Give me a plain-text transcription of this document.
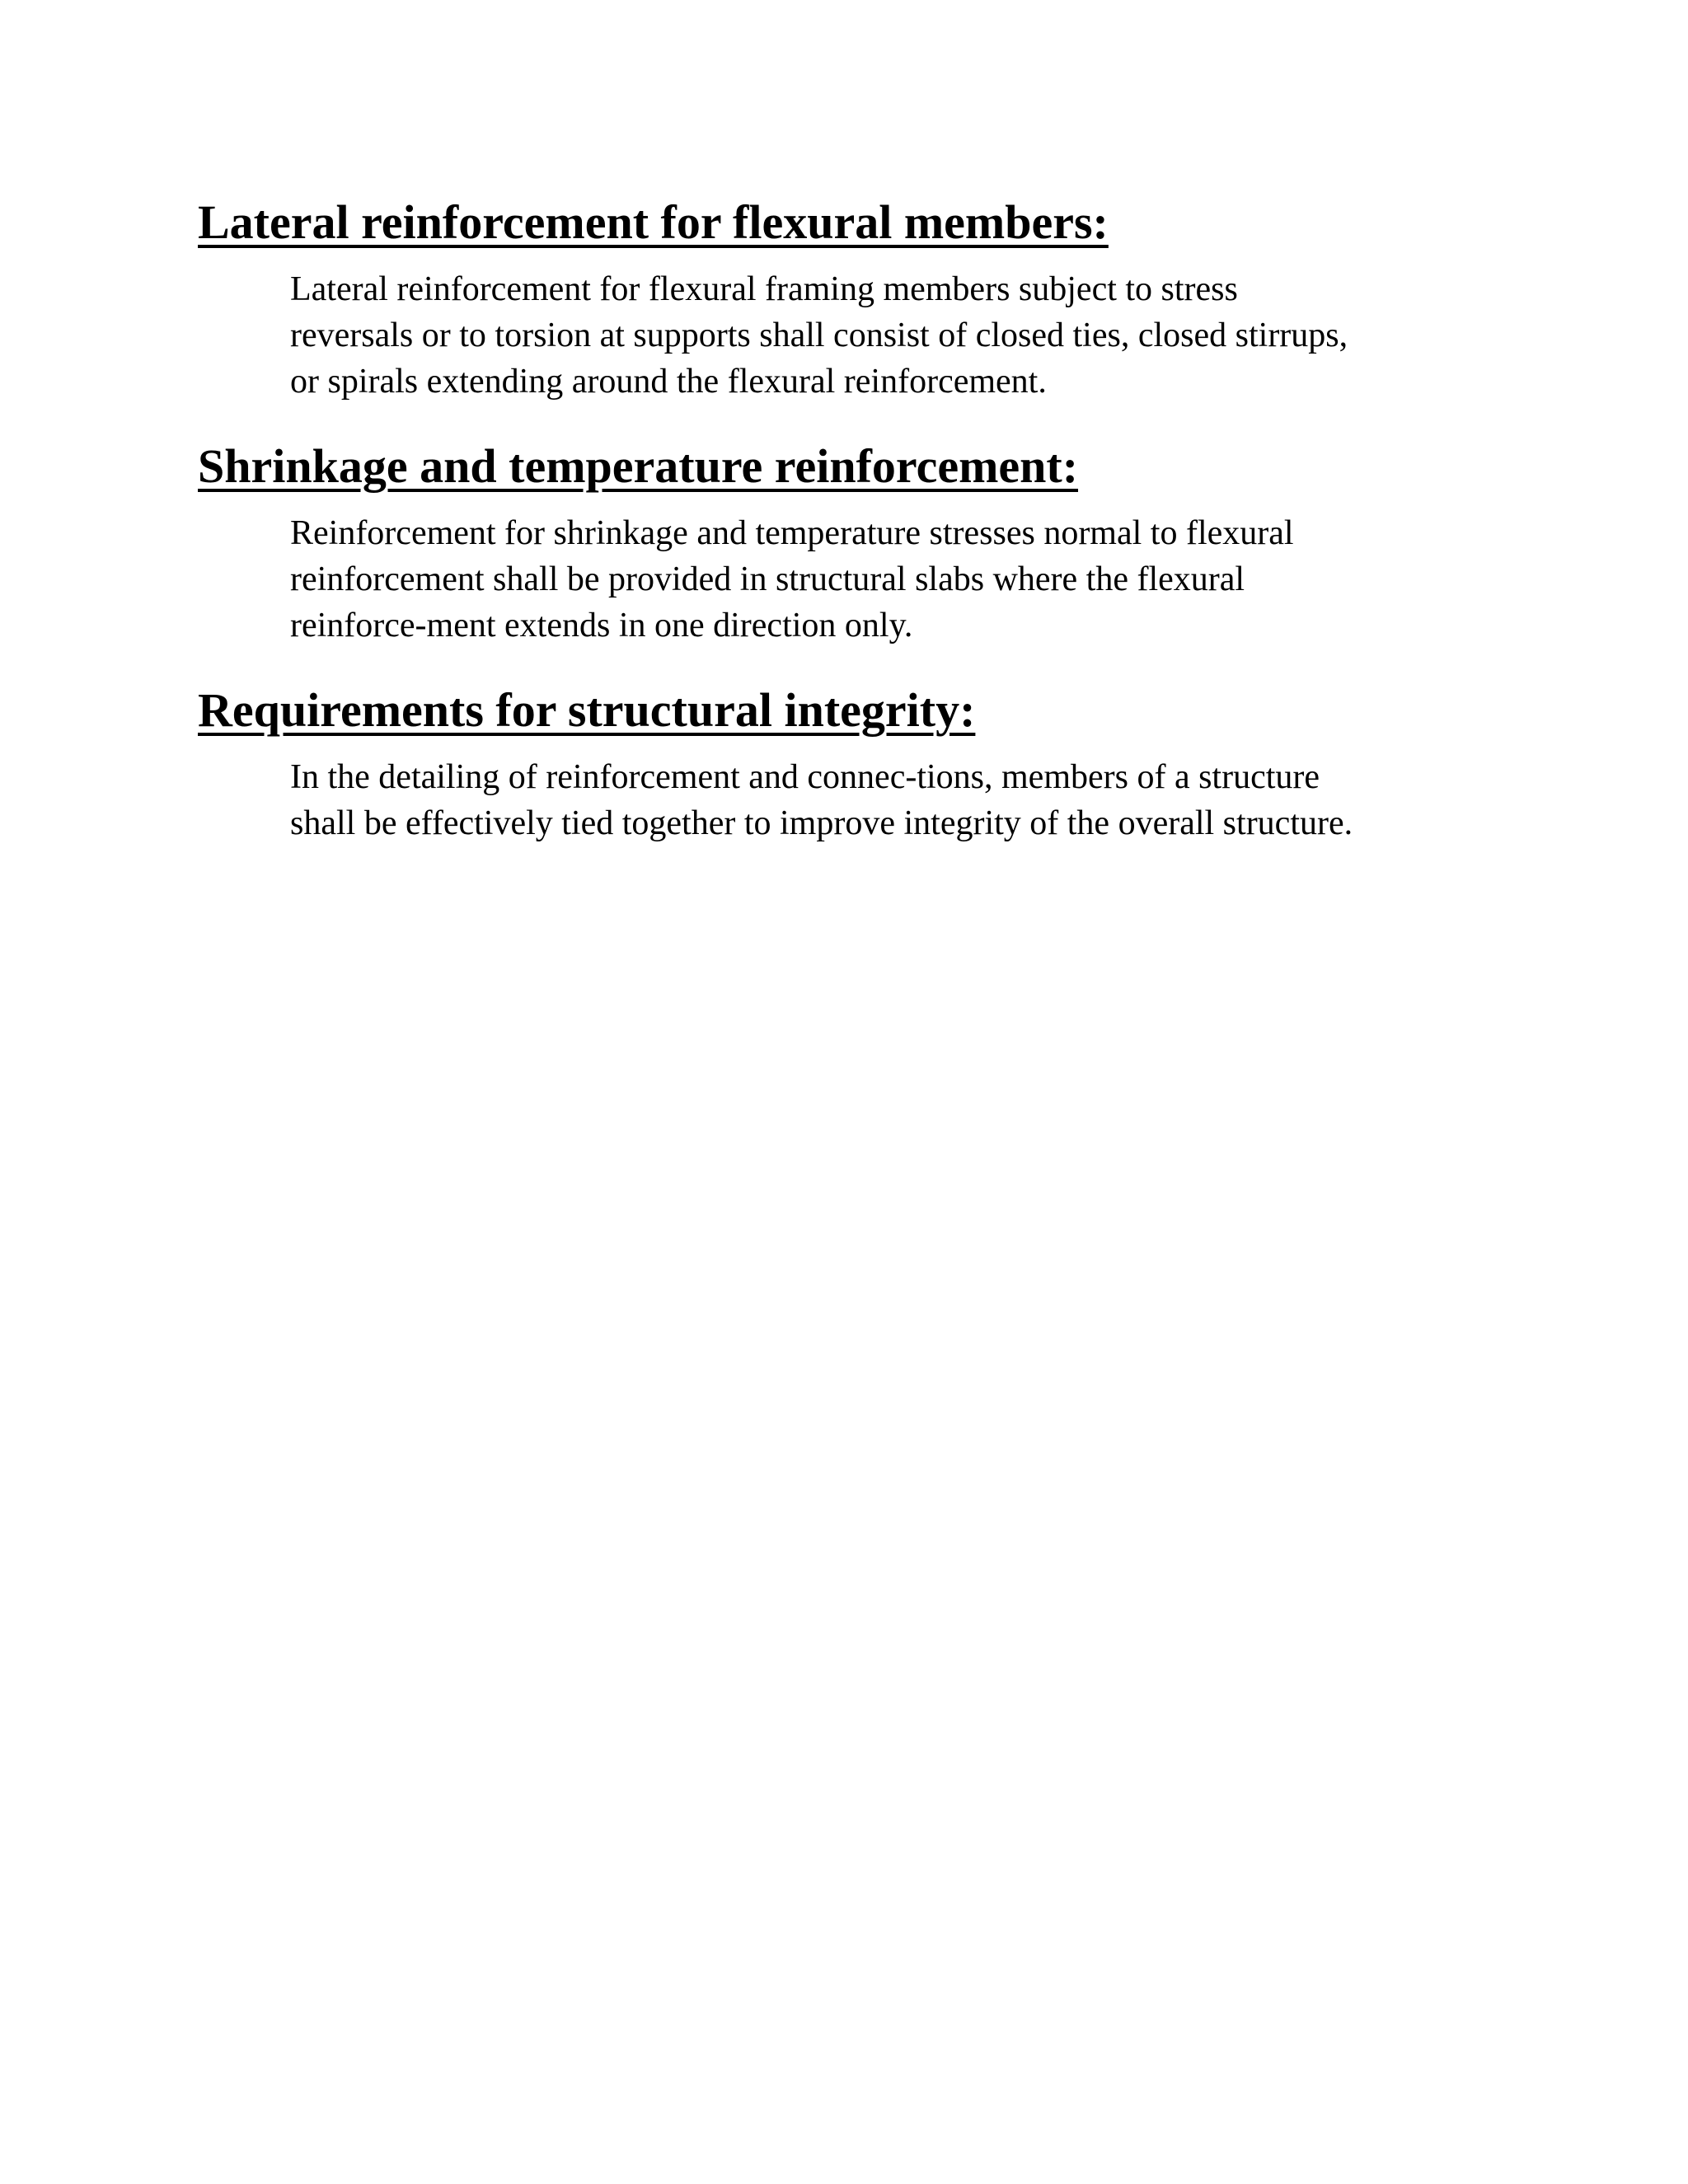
Lateral reinforcement for flexural members:
Lateral reinforcement for flexural framing members subject to stress
reversals or to torsion at supports shall consist of closed ties, closed stirrups,
or spirals extending around the flexural reinforcement.
Shrinkage and temperature reinforcement:
Reinforcement for shrinkage and temperature stresses normal to flexural
reinforcement shall be provided in structural slabs where the flexural
reinforce-ment extends in one direction only.
Requirements for structural integrity:
In the detailing of reinforcement and connec-tions, members of a structure
shall be effectively tied together to improve integrity of the overall structure.
